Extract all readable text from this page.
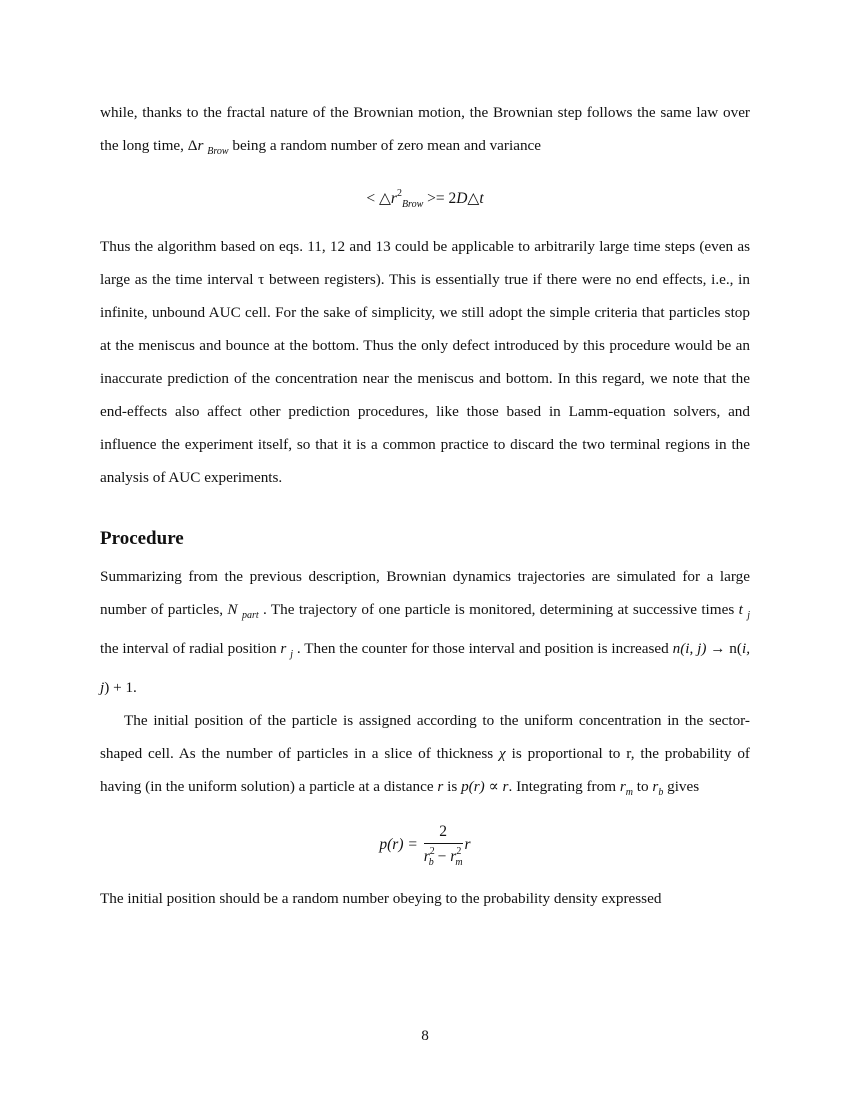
while, thanks to the fractal nature of the Brownian motion, the Brownian step follows the same law over the long time, Δr $_{Brow}$ being a random number of zero mean and variance

< $\triangle r^2_{Brow}$ >= 2D△t

Thus the algorithm based on eqs. 11, 12 and 13 could be applicable to arbitrarily large time steps (even as large as the time interval τ between registers). This is essentially true if there were no end effects, i.e., in infinite, unbound AUC cell. For the sake of simplicity, we still adopt the simple criteria that particles stop at the meniscus and bounce at the bottom. Thus the only defect introduced by this procedure would be an inaccurate prediction of the concentration near the meniscus and bottom. In this regard, we note that the end-effects also affect other prediction procedures, like those based in Lamm-equation solvers, and influence the experiment itself, so that it is a common practice to discard the two terminal regions in the analysis of AUC experiments.

Procedure

Summarizing from the previous description, Brownian dynamics trajectories are simulated for a large number of particles, N $_{part}$ . The trajectory of one particle is monitored, determining at successive times t $_j$ the interval of radial position r $_j$ . Then the counter for those interval and position is increased n(i, j) → n(i, j) + 1.

The initial position of the particle is assigned according to the uniform concentration in the sector-shaped cell. As the number of particles in a slice of thickness χ is proportional to r, the probability of having (in the uniform solution) a particle at a distance r is p(r) ∝ r. Integrating from $r_m$ to $r_b$ gives

$p(r) = \frac{2}{r^2_b - r^2_m}$ r

The initial position should be a random number obeying to the probability density expressed

8
